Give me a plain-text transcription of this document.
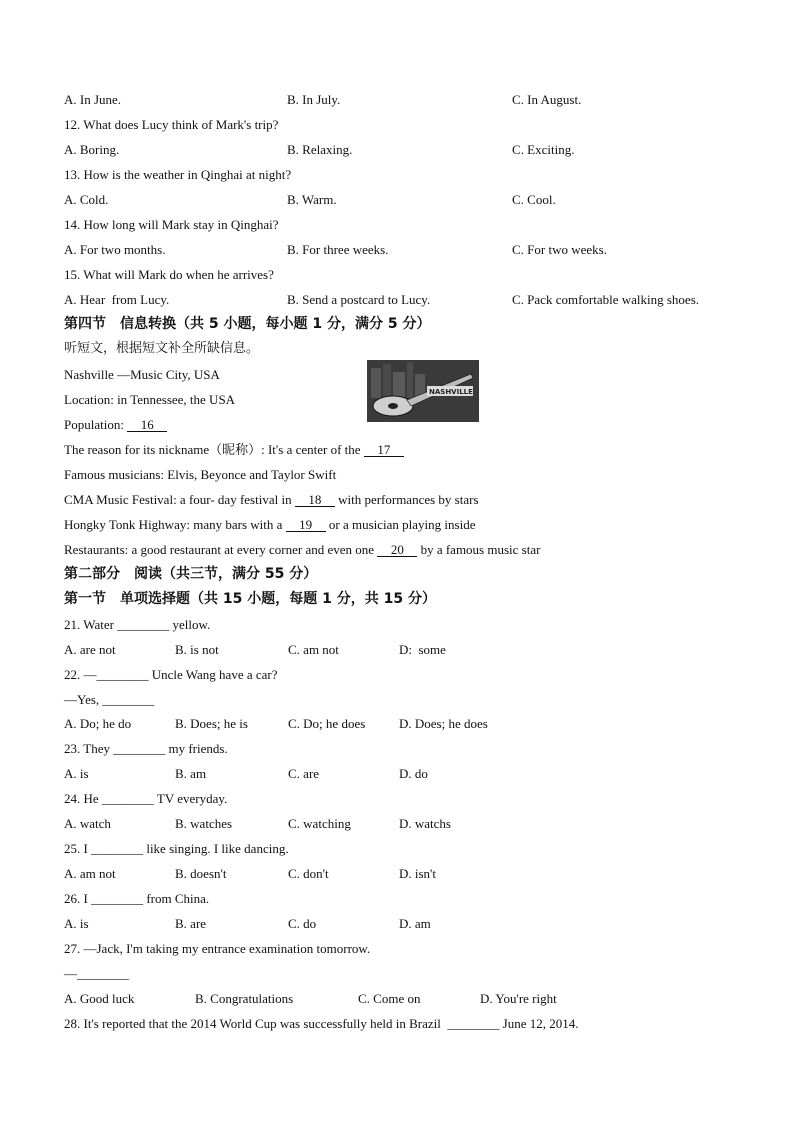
A. In June.	B. In July.	C. In August.
12. What does Lucy think of Mark's trip?
A. Boring.	B. Relaxing.	C. Exciting.
13. How is the weather in Qinghai at night?
A. Cold.	B. Warm.	C. Cool.
14. How long will Mark stay in Qinghai?
A. For two months.	B. For three weeks.	C. For two weeks.
15. What will Mark do when he arrives?
A. Hear  from Lucy.	B. Send a postcard to Lucy.	C. Pack comfortable walking shoes.
第四节　信息转换（共 5 小题，每小题 1 分，满分 5 分）
听短文，根据短文补全所缺信息。
Nashville —Music City, USA
Location: in Tennessee, the USA
Population: 16
The reason for its nickname（昵称）: It's a center of the 17
Famous musicians: Elvis, Beyonce and Taylor Swift
CMA Music Festival: a four- day festival in 18 with performances by stars
Hongky Tonk Highway: many bars with a 19 or a musician playing inside
Restaurants: a good restaurant at every corner and even one 20 by a famous music star
NASHVILLE
第二部分　阅读（共三节，满分 55 分）
第一节　单项选择题（共 15 小题，每题 1 分，共 15 分）
21. Water ________ yellow.
A. are not	B. is not	C. am not	D:  some
22. —________ Uncle Wang have a car?
—Yes, ________
A. Do; he do	B. Does; he is	C. Do; he does	D. Does; he does
23. They ________ my friends.
A. is	B. am	C. are	D. do
24. He ________ TV everyday.
A. watch	B. watches	C. watching	D. watchs
25. I ________ like singing. I like dancing.
A. am not	B. doesn't	C. don't	D. isn't
26. I ________ from China.
A. is	B. are	C. do	D. am
27. —Jack, I'm taking my entrance examination tomorrow.
—________
A. Good luck	B. Congratulations	C. Come on	D. You're right
28. It's reported that the 2014 World Cup was successfully held in Brazil  ________ June 12, 2014.
